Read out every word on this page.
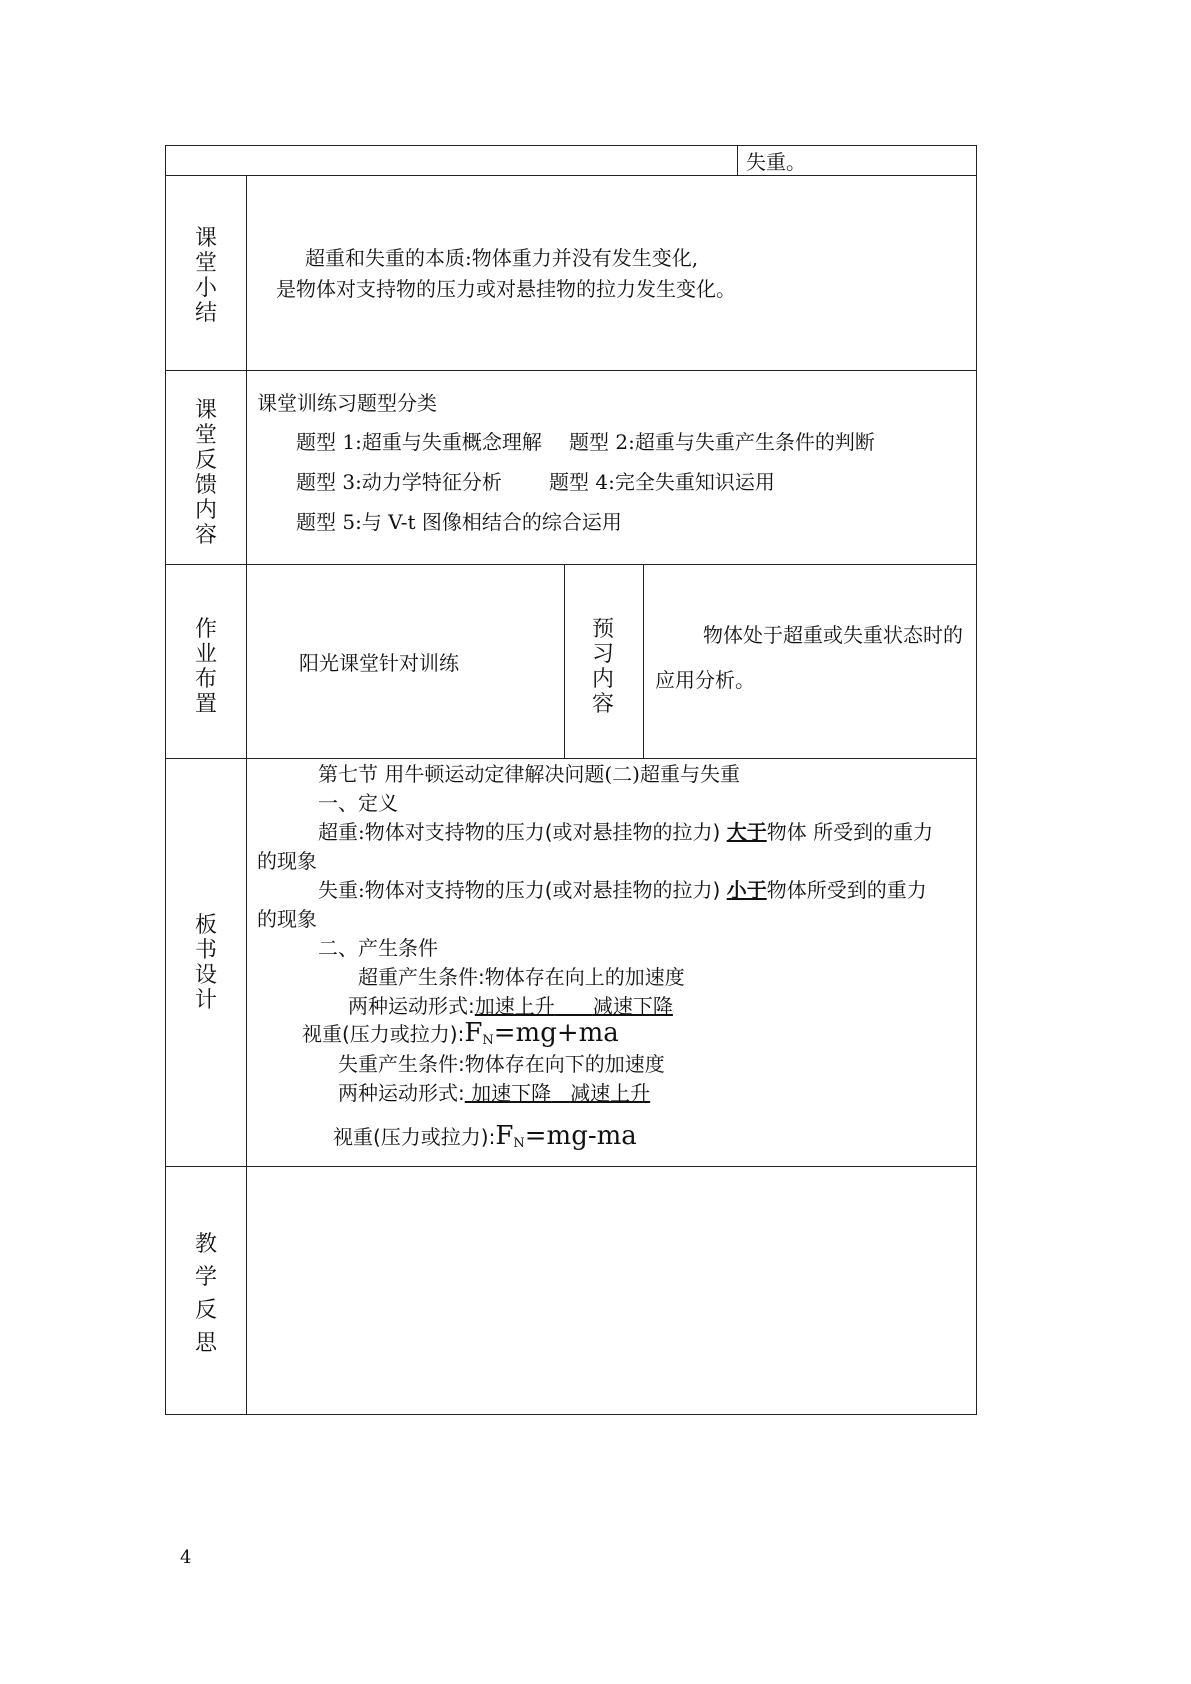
失重。
课
堂
小
结
超重和失重的本质:物体重力并没有发生变化,
是物体对支持物的压力或对悬挂物的拉力发生变化。
课
堂
反
馈
内
容
课堂训练习题型分类
题型 1:超重与失重概念理解 题型 2:超重与失重产生条件的判断
题型 3:动力学特征分析 题型 4:完全失重知识运用
题型 5:与 V-t 图像相结合的综合运用
作
业
布
置
阳光课堂针对训练
预
习
内
容
物体处于超重或失重状态时的
应用分析。
板
书
设
计
第七节 用牛顿运动定律解决问题(二)超重与失重
一、定义
超重:物体对支持物的压力(或对悬挂物的拉力) 大于物体 所受到的重力
的现象
失重:物体对支持物的压力(或对悬挂物的拉力) 小于物体所受到的重力
的现象
二、产生条件
超重产生条件:物体存在向上的加速度
两种运动形式:加速上升 减速下降
视重(压力或拉力)$:F_N=mg+ma$
失重产生条件:物体存在向下的加速度
两种运动形式: 加速下降 减速上升
视重(压力或拉力)$:F_N=mg-ma$
教
学
反
思
4
